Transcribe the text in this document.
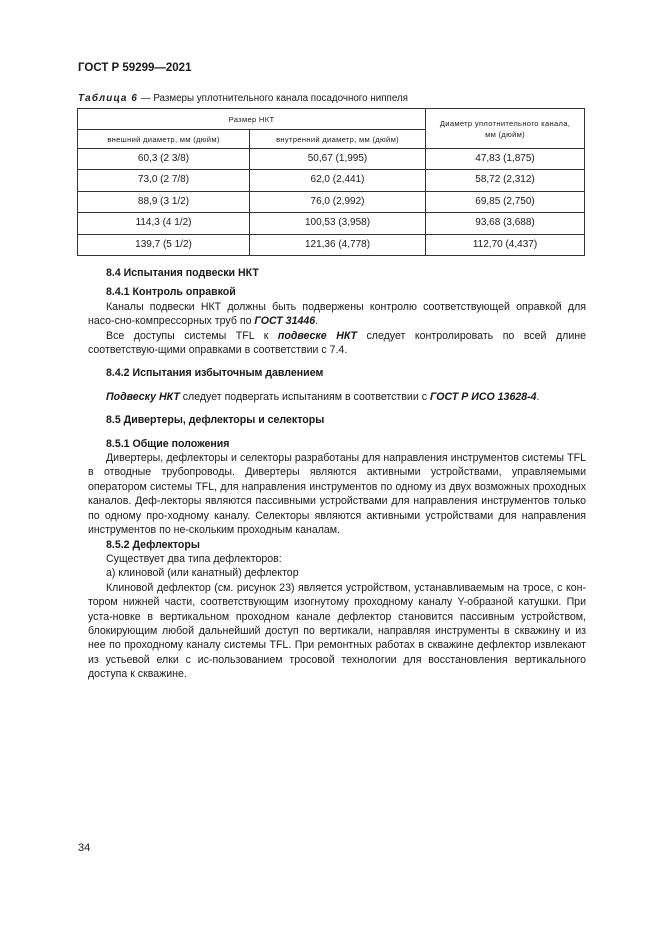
ГОСТ Р 59299—2021
Таблица 6 — Размеры уплотнительного канала посадочного ниппеля
Размер НКТ		Диаметр уплотнительного канала,
мм (дюйм)

внешний диаметр, мм (дюйм)	внутренний диаметр, мм (дюйм)	
60,3 (2 3/8)	50,67 (1,995)	47,83 (1,875)
73,0 (2 7/8)	62,0 (2,441)	58,72 (2,312)
88,9 (3 1/2)	76,0 (2,992)	69,85 (2,750)
114,3 (4 1/2)	100,53 (3,958)	93,68 (3,688)
139,7 (5 1/2)	121,36 (4,778)	112,70 (4,437)

8.4 Испытания подвески НКТ

8.4.1 Контроль оправкой

Каналы подвески НКТ должны быть подвержены контролю соответствующей оправкой для насо-сно-компрессорных труб по ГОСТ 31446.

Все доступы системы TFL к подвеске НКТ следует контролировать по всей длине соответствую-щими оправками в соответствии с 7.4.

8.4.2 Испытания избыточным давлением

Подвеску НКТ следует подвергать испытаниям в соответствии с ГОСТ Р ИСО 13628-4.

8.5 Дивертеры, дефлекторы и селекторы

8.5.1 Общие положения

Дивертеры, дефлекторы и селекторы разработаны для направления инструментов системы TFL в отводные трубопроводы. Дивертеры являются активными устройствами, управляемыми оператором системы TFL, для направления инструментов по одному из двух возможных проходных каналов. Деф-лекторы являются пассивными устройствами для направления инструментов только по одному про-ходному каналу. Селекторы являются активными устройствами для направления инструментов по не-скольким проходным каналам.

8.5.2 Дефлекторы

Существует два типа дефлекторов:

а) клиновой (или канатный) дефлектор

Клиновой дефлектор (см. рисунок 23) является устройством, устанавливаемым на тросе, с кон-тором нижней части, соответствующим изогнутому проходному каналу Y-образной катушки. При уста-новке в вертикальном проходном канале дефлектор становится пассивным устройством, блокирующим любой дальнейший доступ по вертикали, направляя инструменты в скважину и из нее по проходному каналу системы TFL. При ремонтных работах в скважине дефлектор извлекают из устьевой елки с ис-пользованием тросовой технологии для восстановления вертикального доступа к скважине.

34
